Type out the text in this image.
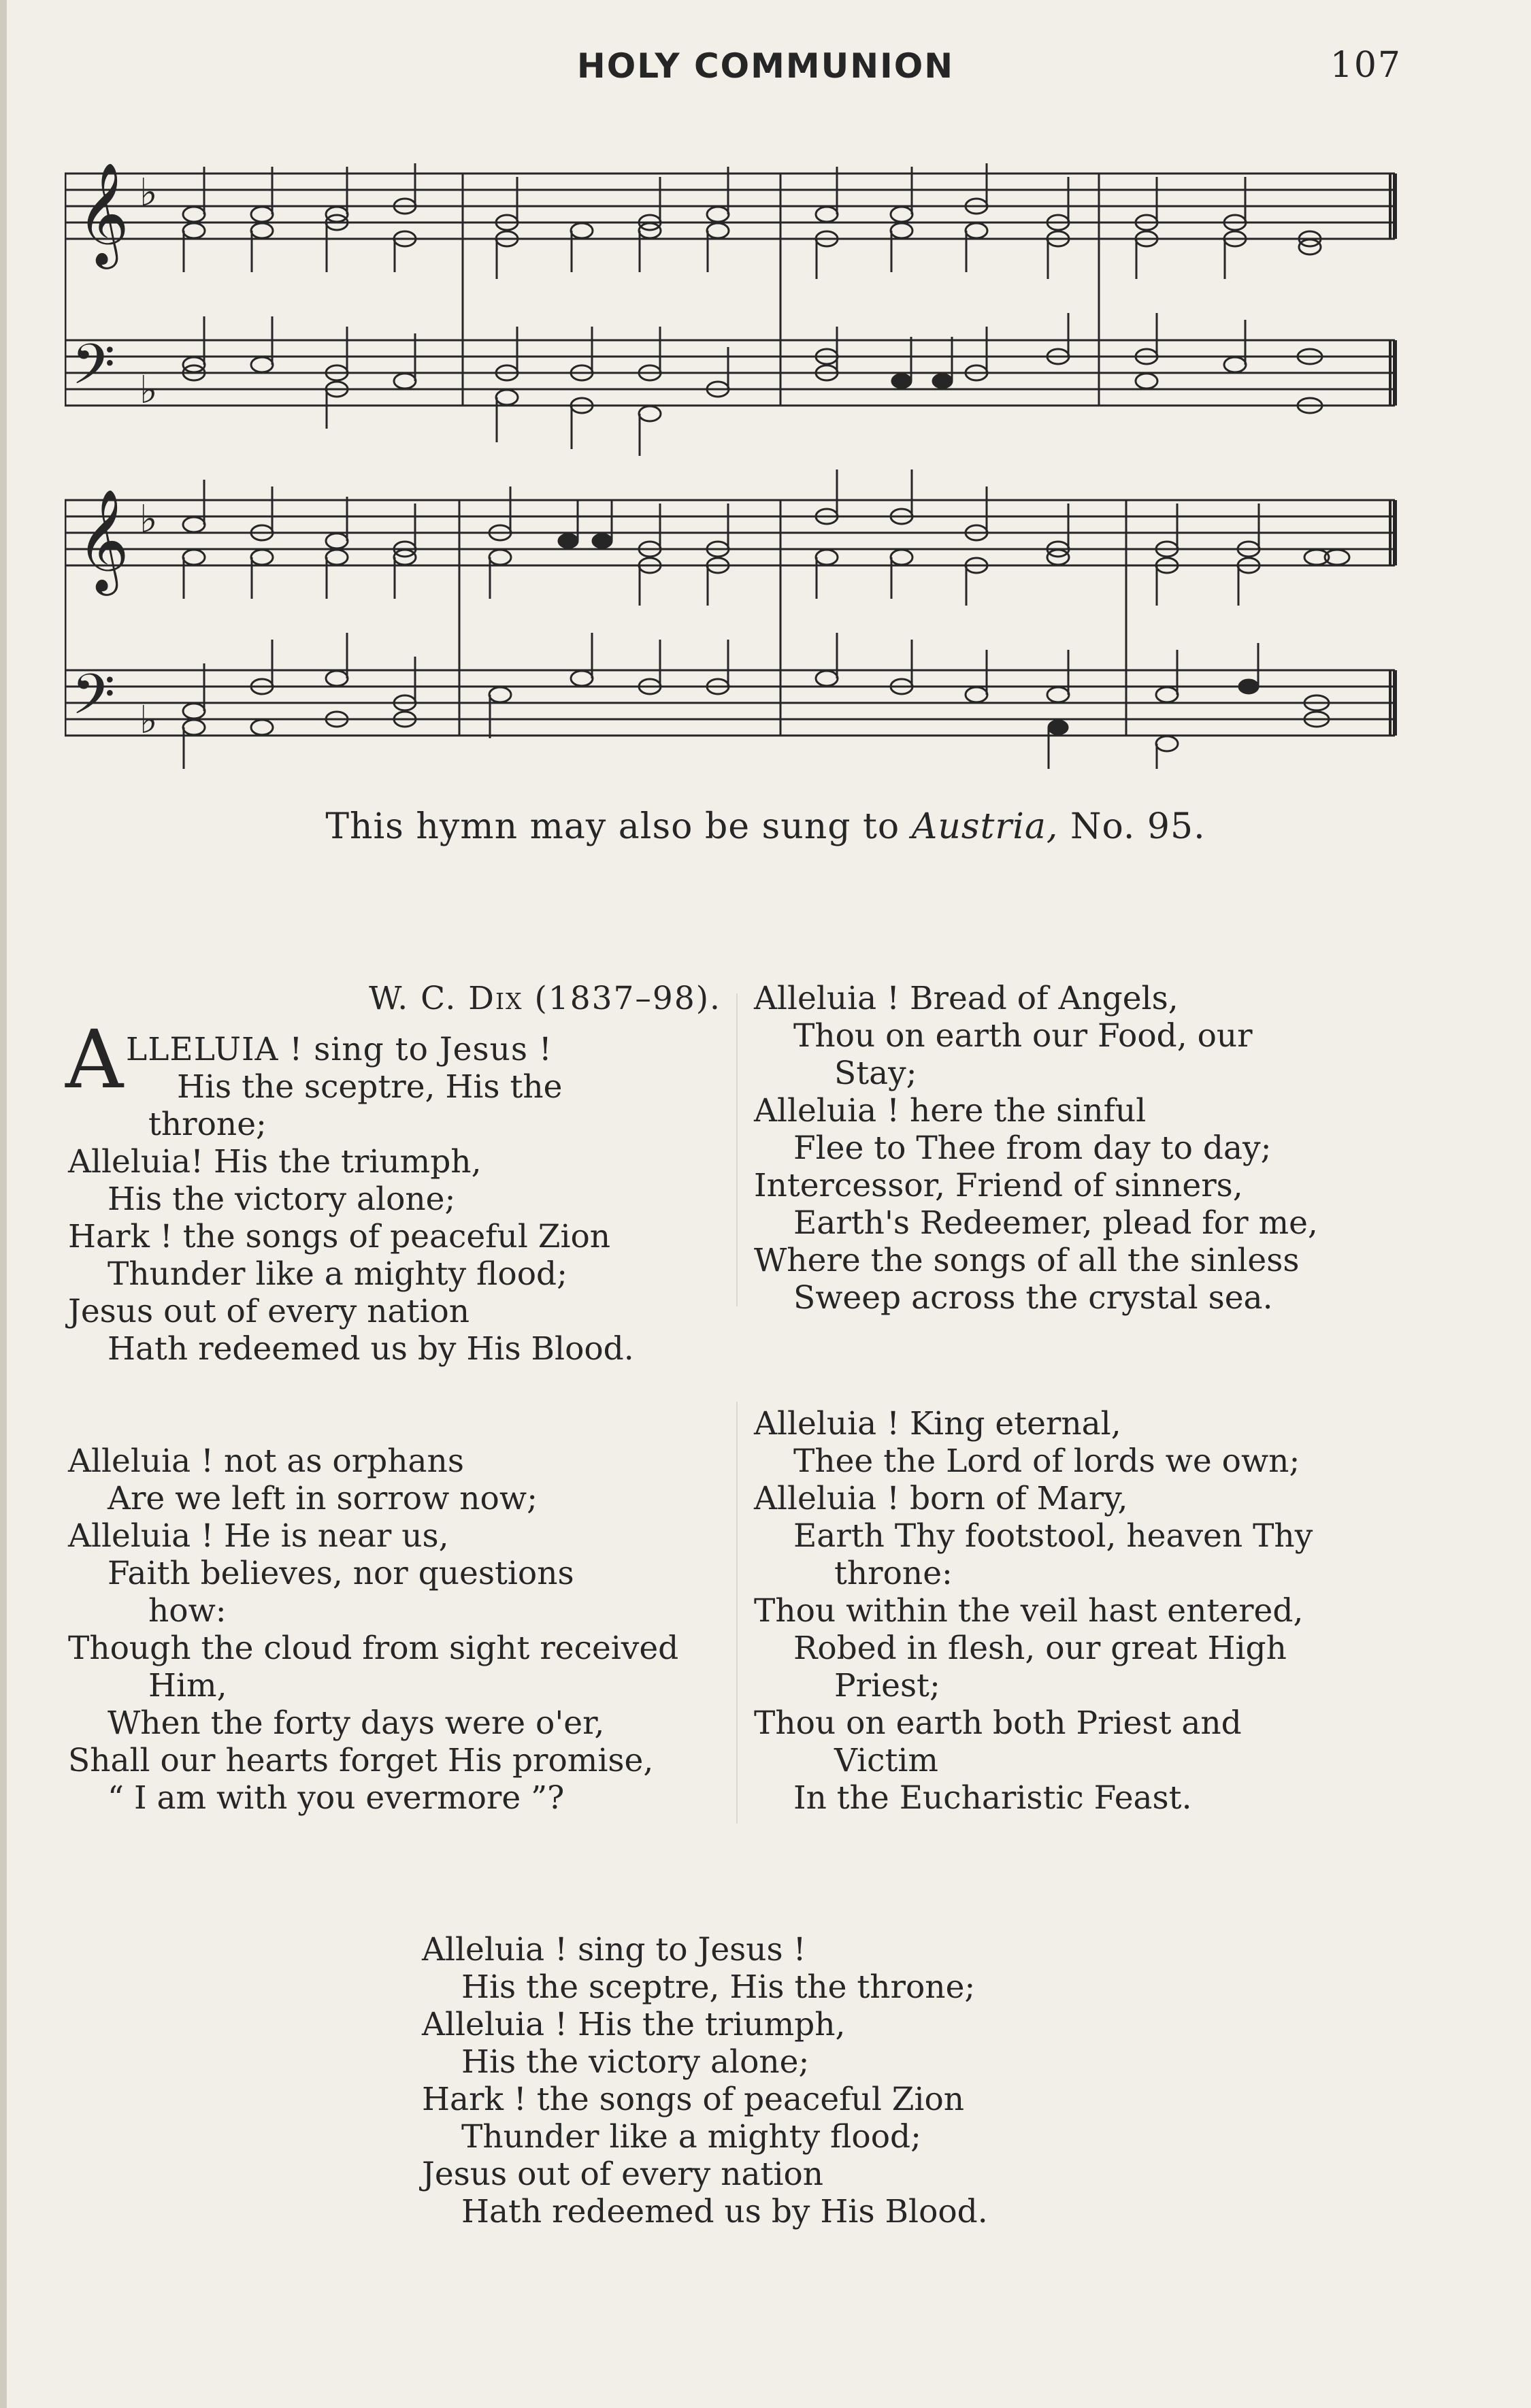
HOLY COMMUNION	107
𝄞 ♭
𝄢 ♭
𝄞 ♭
𝄢 ♭
This hymn may also be sung to Austria, No. 95.
W. C. Dix (1837–98).
A LLELUIA ! sing to Jesus !
His the sceptre, His the
throne;
Alleluia! His the triumph,
His the victory alone;
Hark ! the songs of peaceful Zion
Thunder like a mighty flood;
Jesus out of every nation
Hath redeemed us by His Blood.
Alleluia ! not as orphans
Are we left in sorrow now;
Alleluia ! He is near us,
Faith believes, nor questions
how:
Though the cloud from sight received
Him,
When the forty days were o'er,
Shall our hearts forget His promise,
“ I am with you evermore ”?
Alleluia ! Bread of Angels,
Thou on earth our Food, our
Stay;
Alleluia ! here the sinful
Flee to Thee from day to day;
Intercessor, Friend of sinners,
Earth's Redeemer, plead for me,
Where the songs of all the sinless
Sweep across the crystal sea.
Alleluia ! King eternal,
Thee the Lord of lords we own;
Alleluia ! born of Mary,
Earth Thy footstool, heaven Thy
throne:
Thou within the veil hast entered,
Robed in flesh, our great High
Priest;
Thou on earth both Priest and
Victim
In the Eucharistic Feast.
Alleluia ! sing to Jesus !
His the sceptre, His the throne;
Alleluia ! His the triumph,
His the victory alone;
Hark ! the songs of peaceful Zion
Thunder like a mighty flood;
Jesus out of every nation
Hath redeemed us by His Blood.
